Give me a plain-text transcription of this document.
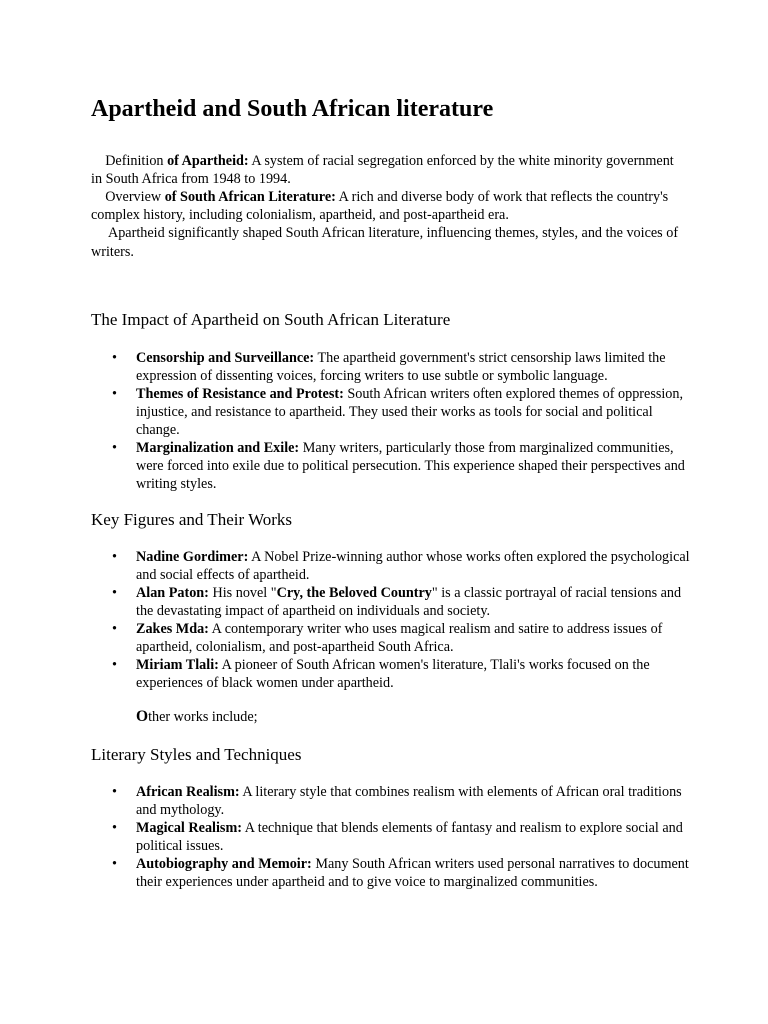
Apartheid and South African literature

Definition of Apartheid: A system of racial segregation enforced by the white minority government in South Africa from 1948 to 1994.

Overview of South African Literature: A rich and diverse body of work that reflects the country's complex history, including colonialism, apartheid, and post-apartheid era.

Apartheid significantly shaped South African literature, influencing themes, styles, and the voices of writers.

The Impact of Apartheid on South African Literature
• Censorship and Surveillance: The apartheid government's strict censorship laws limited the expression of dissenting voices, forcing writers to use subtle or symbolic language.
• Themes of Resistance and Protest: South African writers often explored themes of oppression, injustice, and resistance to apartheid. They used their works as tools for social and political change.
• Marginalization and Exile: Many writers, particularly those from marginalized communities, were forced into exile due to political persecution. This experience shaped their perspectives and writing styles.
Key Figures and Their Works
• Nadine Gordimer: A Nobel Prize-winning author whose works often explored the psychological and social effects of apartheid.
• Alan Paton: His novel "Cry, the Beloved Country" is a classic portrayal of racial tensions and the devastating impact of apartheid on individuals and society.
• Zakes Mda: A contemporary writer who uses magical realism and satire to address issues of apartheid, colonialism, and post-apartheid South Africa.
• Miriam Tlali: A pioneer of South African women's literature, Tlali's works focused on the experiences of black women under apartheid.

Other works include;

Literary Styles and Techniques
• African Realism: A literary style that combines realism with elements of African oral traditions and mythology.
• Magical Realism: A technique that blends elements of fantasy and realism to explore social and political issues.
• Autobiography and Memoir: Many South African writers used personal narratives to document their experiences under apartheid and to give voice to marginalized communities.
